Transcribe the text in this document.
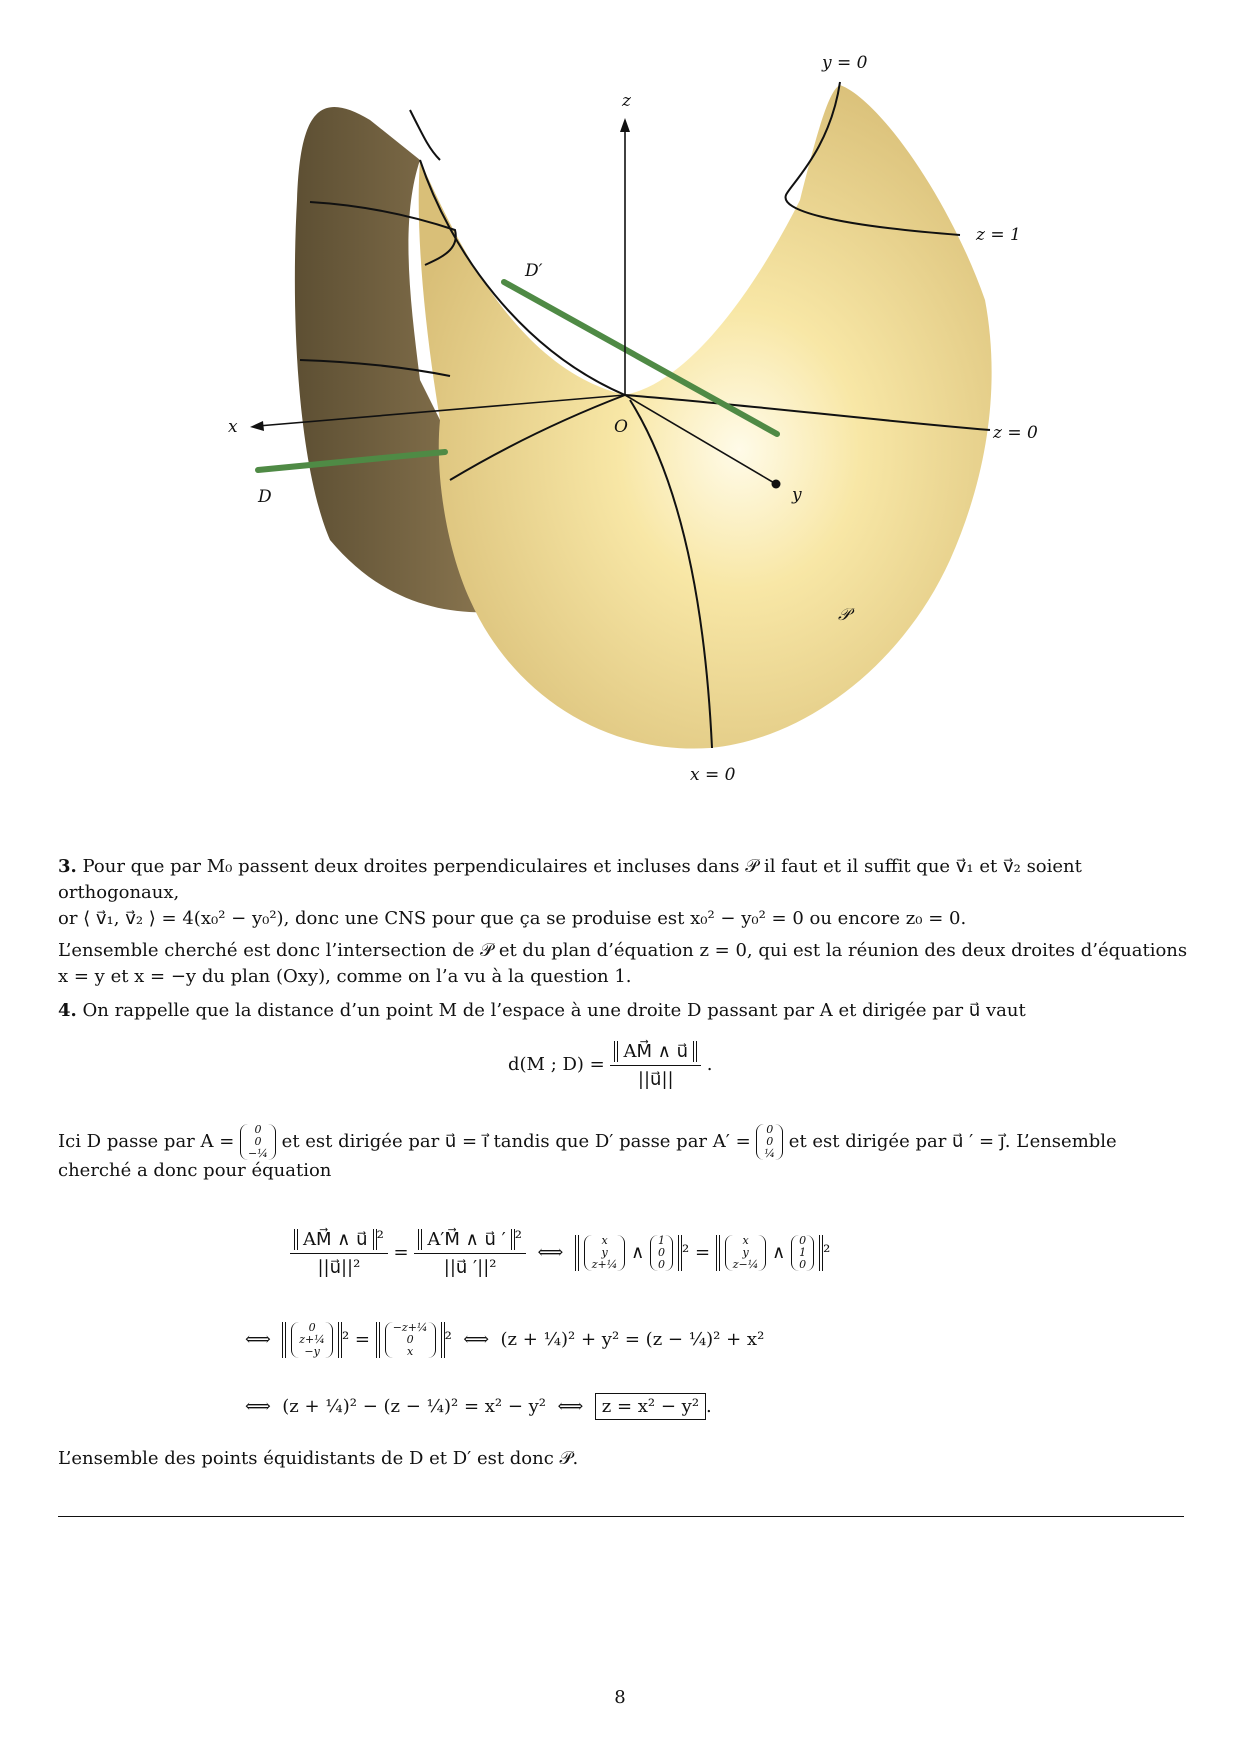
z
x
y
O
D
D′
𝒫
y = 0
z = 1
z = 0
x = 0
3. Pour que par M₀ passent deux droites perpendiculaires et incluses dans 𝒫 il faut et il suffit que v⃗₁ et v⃗₂ soient orthogonaux,
or ⟨ v⃗₁, v⃗₂ ⟩ = 4(x₀² − y₀²), donc une CNS pour que ça se produise est x₀² − y₀² = 0 ou encore z₀ = 0.
L’ensemble cherché est donc l’intersection de 𝒫 et du plan d’équation z = 0, qui est la réunion des deux droites d’équations
x = y et x = −y du plan (Oxy), comme on l’a vu à la question 1.
4. On rappelle que la distance d’un point M de l’espace à une droite D passant par A et dirigée par u⃗ vaut
d(M ; $D) = \frac{AM⃗ \wedge u⃗}{||u⃗||}$ .
Ici D passe par A = 0
0
−¼ et est dirigée par u⃗ = i⃗ tandis que D′ passe par A′ = 0
0
¼ et est dirigée par u⃗ ′ = j⃗. L’ensemble
cherché a donc pour équation
$\frac{\text{AM⃗ ∧ u⃗ ²}}{\text{||u⃗||²}} = \frac{\text{A′M⃗ ∧ u⃗ ′ ²}}{\text{||u⃗ ′||²}}$ ⟺  x
y
z+¼ ∧ 1
0
0² = x
y
z−¼ ∧ 0
1
0²
⟺  0
z+¼
−y² = −z+¼
0
x²  ⟺ (z + ¼)² + y² = (z − ¼)² + x²
⟺ (z + ¼)² − (z − ¼)² = x² − y² ⟺ z = x² − y² .
L’ensemble des points équidistants de D et D′ est donc 𝒫.
8
